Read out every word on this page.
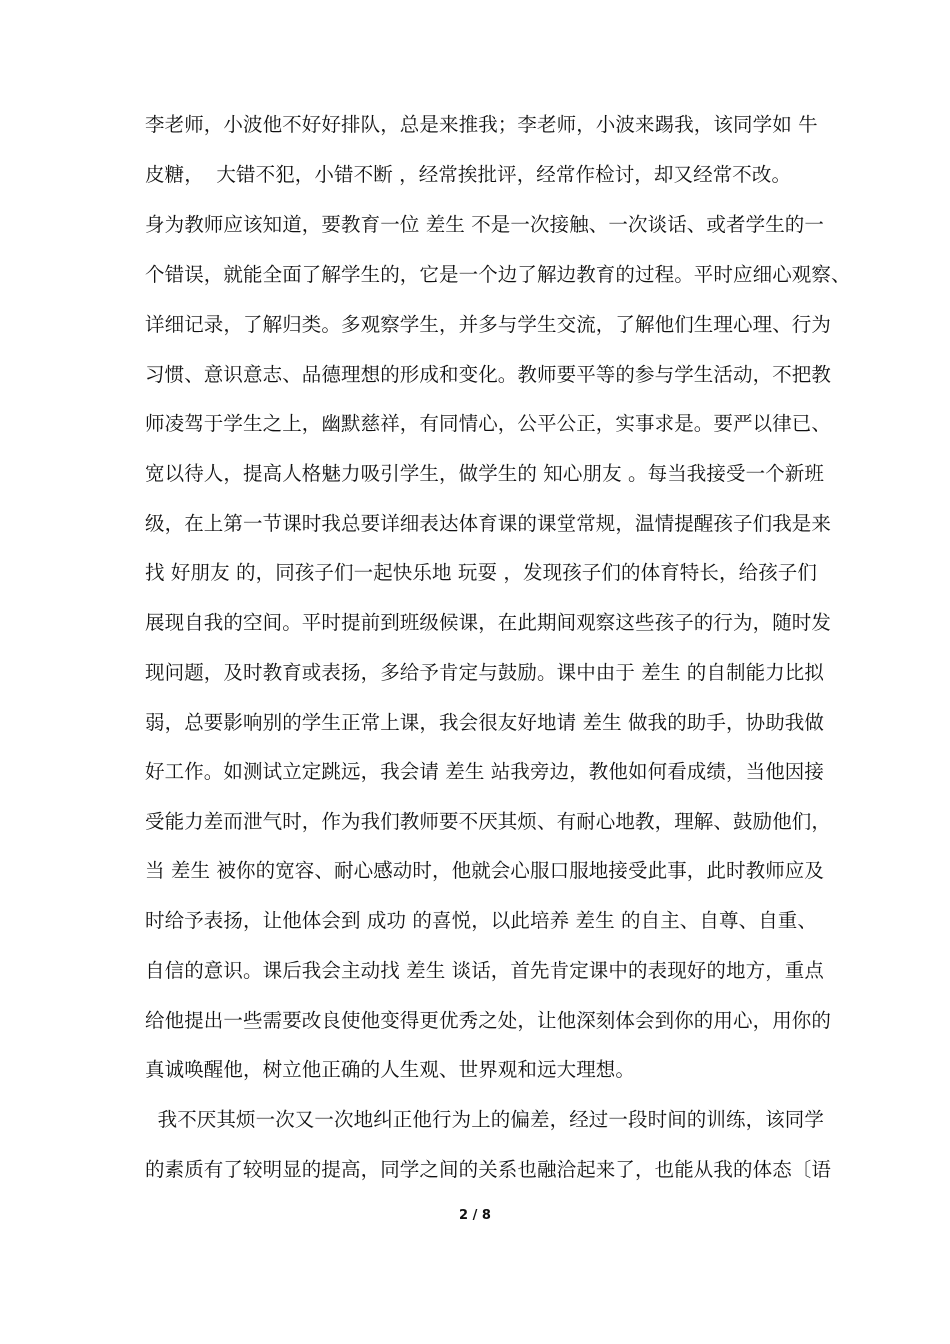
李老师，小波他不好好排队，总是来推我；李老师，小波来踢我，该同学如 牛
皮糖，  大错不犯，小错不断 ，经常挨批评，经常作检讨，却又经常不改。
身为教师应该知道，要教育一位 差生 不是一次接触、一次谈话、或者学生的一
个错误，就能全面了解学生的，它是一个边了解边教育的过程。平时应细心观察、
详细记录，了解归类。多观察学生，并多与学生交流，了解他们生理心理、行为
习惯、意识意志、品德理想的形成和变化。教师要平等的参与学生活动，不把教
师凌驾于学生之上，幽默慈祥，有同情心，公平公正，实事求是。要严以律已、
宽以待人，提高人格魅力吸引学生，做学生的 知心朋友 。每当我接受一个新班
级，在上第一节课时我总要详细表达体育课的课堂常规，温情提醒孩子们我是来
找 好朋友 的，同孩子们一起快乐地 玩耍 ，发现孩子们的体育特长，给孩子们
展现自我的空间。平时提前到班级候课，在此期间观察这些孩子的行为，随时发
现问题，及时教育或表扬，多给予肯定与鼓励。课中由于 差生 的自制能力比拟
弱，总要影响别的学生正常上课，我会很友好地请 差生 做我的助手，协助我做
好工作。如测试立定跳远，我会请 差生 站我旁边，教他如何看成绩，当他因接
受能力差而泄气时，作为我们教师要不厌其烦、有耐心地教，理解、鼓励他们，
当 差生 被你的宽容、耐心感动时，他就会心服口服地接受此事，此时教师应及
时给予表扬，让他体会到 成功 的喜悦，以此培养 差生 的自主、自尊、自重、
自信的意识。课后我会主动找 差生 谈话，首先肯定课中的表现好的地方，重点
给他提出一些需要改良使他变得更优秀之处，让他深刻体会到你的用心，用你的
真诚唤醒他，树立他正确的人生观、世界观和远大理想。
我不厌其烦一次又一次地纠正他行为上的偏差，经过一段时间的训练，该同学
的素质有了较明显的提高，同学之间的关系也融洽起来了，也能从我的体态〔语
2 / 8
